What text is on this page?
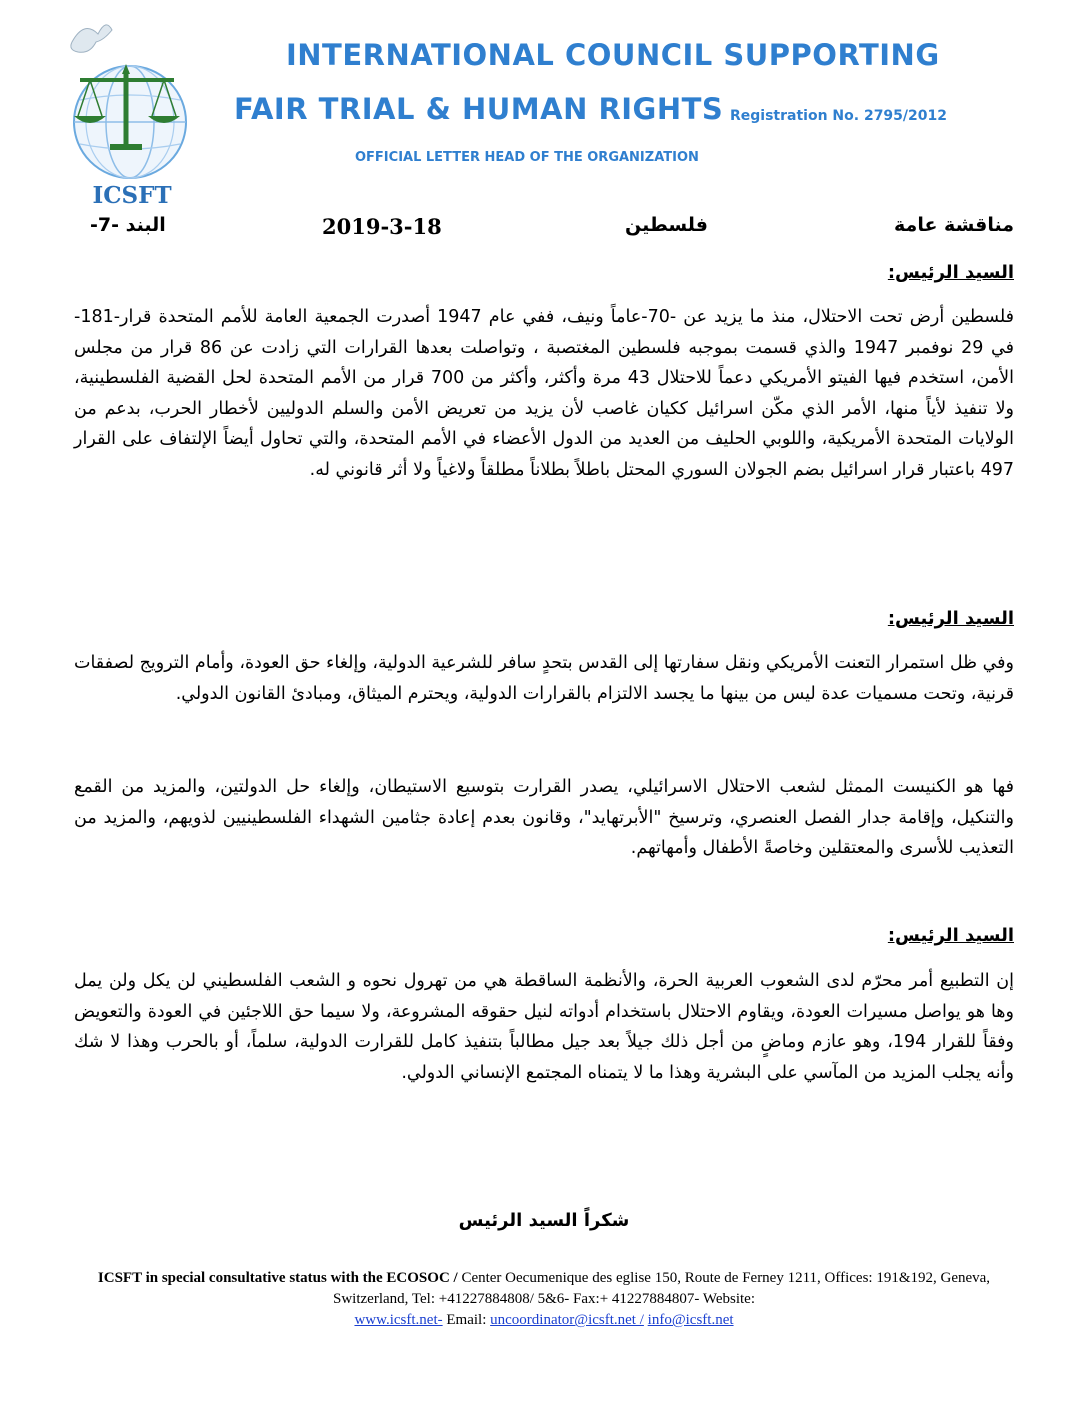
ICSFT
INTERNATIONAL COUNCIL SUPPORTING
FAIR TRIAL & HUMAN RIGHTS Registration No. 2795/2012
OFFICIAL LETTER HEAD OF THE ORGANIZATION
مناقشة عامة
فلسطين
2019-3-18
البند -7-
السيد الرئيس:
فلسطين أرض تحت الاحتلال، منذ ما يزيد عن -70-عاماً ونيف، ففي عام 1947 أصدرت الجمعية العامة للأمم المتحدة قرار-181- في 29 نوفمبر 1947 والذي قسمت بموجبه فلسطين المغتصبة ، وتواصلت بعدها القرارات التي زادت عن 86 قرار من مجلس الأمن، استخدم فيها الفيتو الأمريكي دعماً للاحتلال 43 مرة وأكثر، وأكثر من 700 قرار من الأمم المتحدة لحل القضية الفلسطينية، ولا تنفيذ لأياً منها، الأمر الذي مكّن اسرائيل ككيان غاصب لأن يزيد من تعريض الأمن والسلم الدوليين لأخطار الحرب، بدعم من الولايات المتحدة الأمريكية، واللوبي الحليف من العديد من الدول الأعضاء في الأمم المتحدة، والتي تحاول أيضاً الإلتفاف على القرار 497 باعتبار قرار اسرائيل بضم الجولان السوري المحتل باطلاً بطلاناً مطلقاً ولاغياً ولا أثر قانوني له.
السيد الرئيس:
وفي ظل استمرار التعنت الأمريكي ونقل سفارتها إلى القدس بتحدٍ سافر للشرعية الدولية، وإلغاء حق العودة، وأمام الترويج لصفقات قرنية، وتحت مسميات عدة ليس من بينها ما يجسد الالتزام بالقرارات الدولية، ويحترم الميثاق، ومبادئ القانون الدولي.
فها هو الكنيست الممثل لشعب الاحتلال الاسرائيلي، يصدر القرارت بتوسيع الاستيطان، وإلغاء حل الدولتين، والمزيد من القمع والتنكيل، وإقامة جدار الفصل العنصري، وترسيخ "الأبرتهايد"، وقانون بعدم إعادة جثامين الشهداء الفلسطينيين لذويهم، والمزيد من التعذيب للأسرى والمعتقلين وخاصةً الأطفال وأمهاتهم.
السيد الرئيس:
إن التطبيع أمر محرّم لدى الشعوب العربية الحرة، والأنظمة الساقطة هي من تهرول نحوه و الشعب الفلسطيني لن يكل ولن يمل وها هو يواصل مسيرات العودة، ويقاوم الاحتلال باستخدام أدواته لنيل حقوقه المشروعة، ولا سيما حق اللاجئين في العودة والتعويض وفقاً للقرار 194، وهو عازم وماضٍ من أجل ذلك جيلاً بعد جيل مطالباً بتنفيذ كامل للقرارت الدولية، سلماً، أو بالحرب وهذا لا شك وأنه يجلب المزيد من المآسي على البشرية وهذا ما لا يتمناه المجتمع الإنساني الدولي.
شكراً السيد الرئيس
ICSFT in special consultative status with the ECOSOC / Center Oecumenique des eglise 150, Route de Ferney 1211, Offices: 191&192, Geneva, Switzerland, Tel: +41227884808/ 5&6- Fax:+ 41227884807- Website:
www.icsft.net- Email: uncoordinator@icsft.net / info@icsft.net
